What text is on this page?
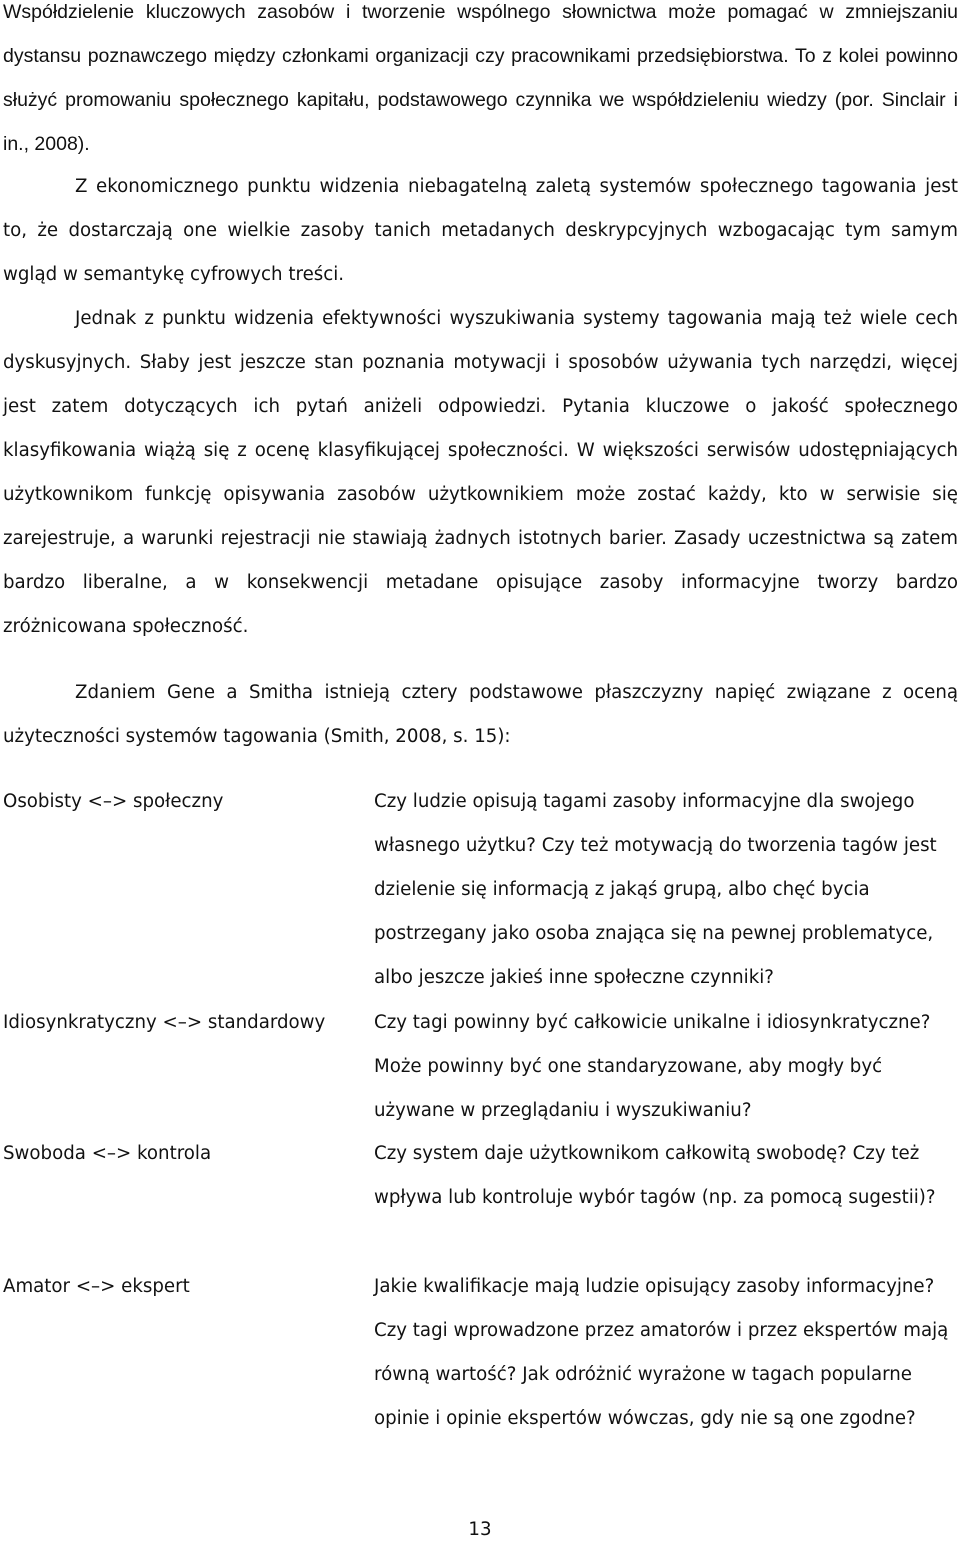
Współdzielenie kluczowych zasobów i tworzenie wspólnego słownictwa może pomagać w zmniejszaniu dystansu poznawczego między członkami organizacji czy pracownikami przedsiębiorstwa. To z kolei powinno służyć promowaniu społecznego kapitału, podstawowego czynnika we współdzieleniu wiedzy (por. Sinclair i in., 2008).

Z ekonomicznego punktu widzenia niebagatelną zaletą systemów społecznego tagowania jest to, że dostarczają one wielkie zasoby tanich metadanych deskrypcyjnych wzbogacając tym samym wgląd w semantykę cyfrowych treści.

Jednak z punktu widzenia efektywności wyszukiwania systemy tagowania mają też wiele cech dyskusyjnych. Słaby jest jeszcze stan poznania motywacji i sposobów używania tych narzędzi, więcej jest zatem dotyczących ich pytań aniżeli odpowiedzi. Pytania kluczowe o jakość społecznego klasyfikowania wiążą się z ocenę klasyfikującej społeczności. W większości serwisów udostępniających użytkownikom funkcję opisywania zasobów użytkownikiem może zostać każdy, kto w serwisie się zarejestruje, a warunki rejestracji nie stawiają żadnych istotnych barier. Zasady uczestnictwa są zatem bardzo liberalne, a w konsekwencji metadane opisujące zasoby informacyjne tworzy bardzo zróżnicowana społeczność.

Zdaniem Gene a Smitha istnieją cztery podstawowe płaszczyzny napięć związane z oceną użyteczności systemów tagowania (Smith, 2008, s. 15):

Osobisty <–> społeczny	Czy ludzie opisują tagami zasoby informacyjne dla swojego własnego użytku? Czy też motywacją do tworzenia tagów jest dzielenie się informacją z jakąś grupą, albo chęć bycia postrzegany jako osoba znająca się na pewnej problematyce, albo jeszcze jakieś inne społeczne czynniki?
Idiosynkratyczny <–> standardowy	Czy tagi powinny być całkowicie unikalne i idiosynkratyczne? Może powinny być one standaryzowane, aby mogły być używane w przeglądaniu i wyszukiwaniu?
Swoboda <–> kontrola	Czy system daje użytkownikom całkowitą swobodę? Czy też wpływa lub kontroluje wybór tagów (np. za pomocą sugestii)?
Amator <–> ekspert	Jakie kwalifikacje mają ludzie opisujący zasoby informacyjne? Czy tagi wprowadzone przez amatorów i przez ekspertów mają równą wartość? Jak odróżnić wyrażone w tagach popularne opinie i opinie ekspertów wówczas, gdy nie są one zgodne?
13
